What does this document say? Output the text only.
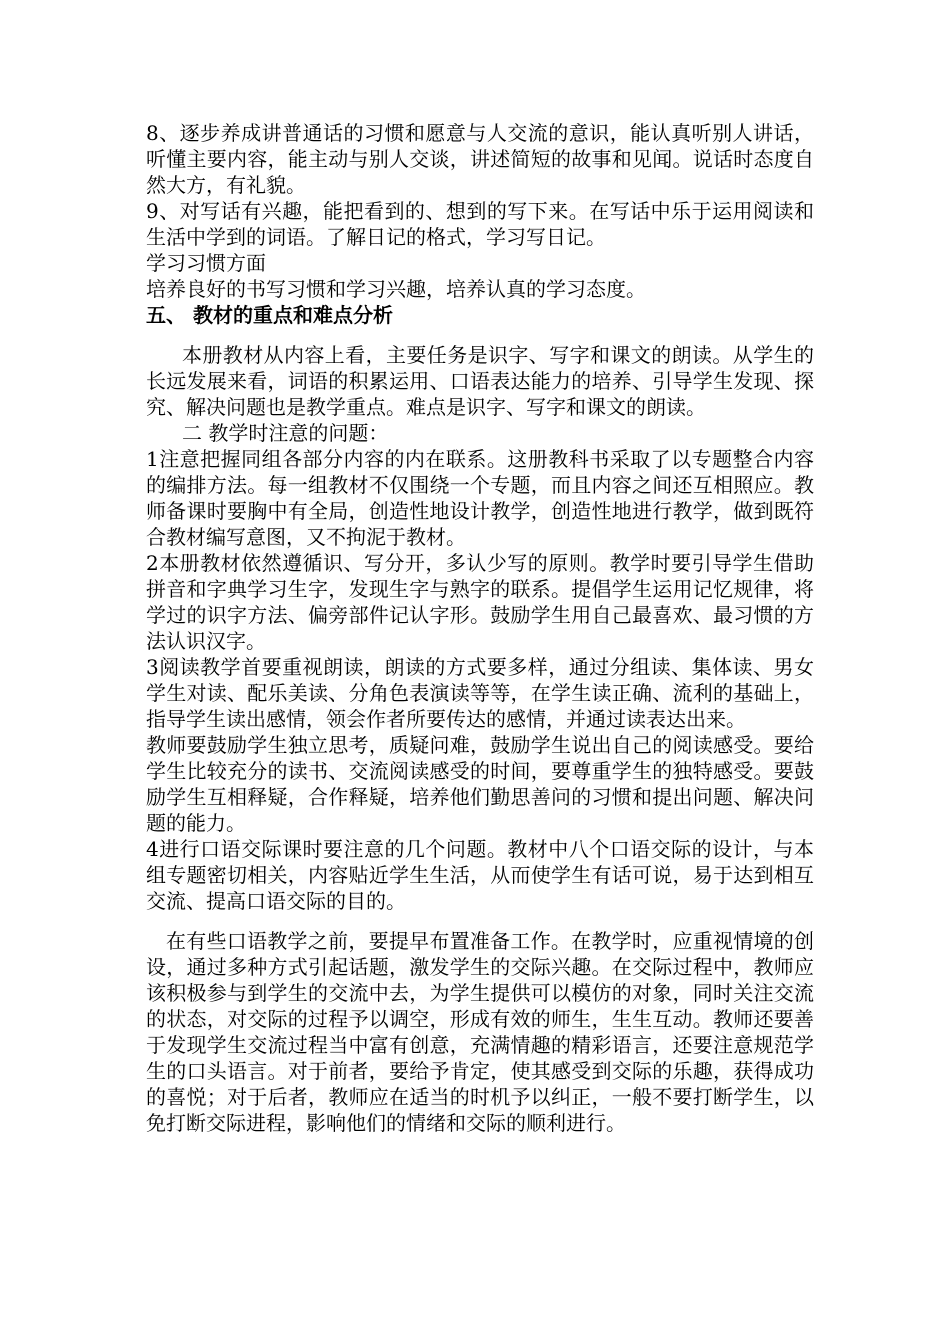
8、逐步养成讲普通话的习惯和愿意与人交流的意识，能认真听别人讲话，听懂主要内容，能主动与别人交谈，讲述简短的故事和见闻。说话时态度自然大方，有礼貌。

9、对写话有兴趣，能把看到的、想到的写下来。在写话中乐于运用阅读和生活中学到的词语。了解日记的格式，学习写日记。

学习习惯方面

培养良好的书写习惯和学习兴趣，培养认真的学习态度。

五、 教材的重点和难点分析

本册教材从内容上看，主要任务是识字、写字和课文的朗读。从学生的长远发展来看，词语的积累运用、口语表达能力的培养、引导学生发现、探究、解决问题也是教学重点。难点是识字、写字和课文的朗读。

二 教学时注意的问题：

1注意把握同组各部分内容的内在联系。这册教科书采取了以专题整合内容的编排方法。每一组教材不仅围绕一个专题，而且内容之间还互相照应。教师备课时要胸中有全局，创造性地设计教学，创造性地进行教学，做到既符合教材编写意图，又不拘泥于教材。

2本册教材依然遵循识、写分开，多认少写的原则。教学时要引导学生借助拼音和字典学习生字，发现生字与熟字的联系。提倡学生运用记忆规律，将学过的识字方法、偏旁部件记认字形。鼓励学生用自己最喜欢、最习惯的方法认识汉字。

3阅读教学首要重视朗读，朗读的方式要多样，通过分组读、集体读、男女学生对读、配乐美读、分角色表演读等等，在学生读正确、流利的基础上，指导学生读出感情，领会作者所要传达的感情，并通过读表达出来。

教师要鼓励学生独立思考，质疑问难，鼓励学生说出自己的阅读感受。要给学生比较充分的读书、交流阅读感受的时间，要尊重学生的独特感受。要鼓励学生互相释疑，合作释疑，培养他们勤思善问的习惯和提出问题、解决问题的能力。

4进行口语交际课时要注意的几个问题。教材中八个口语交际的设计，与本组专题密切相关，内容贴近学生生活，从而使学生有话可说，易于达到相互交流、提高口语交际的目的。

在有些口语教学之前，要提早布置准备工作。在教学时，应重视情境的创设，通过多种方式引起话题，激发学生的交际兴趣。在交际过程中，教师应该积极参与到学生的交流中去，为学生提供可以模仿的对象，同时关注交流的状态，对交际的过程予以调空，形成有效的师生，生生互动。教师还要善于发现学生交流过程当中富有创意，充满情趣的精彩语言，还要注意规范学生的口头语言。对于前者，要给予肯定，使其感受到交际的乐趣，获得成功的喜悦；对于后者，教师应在适当的时机予以纠正，一般不要打断学生，以免打断交际进程，影响他们的情绪和交际的顺利进行。
